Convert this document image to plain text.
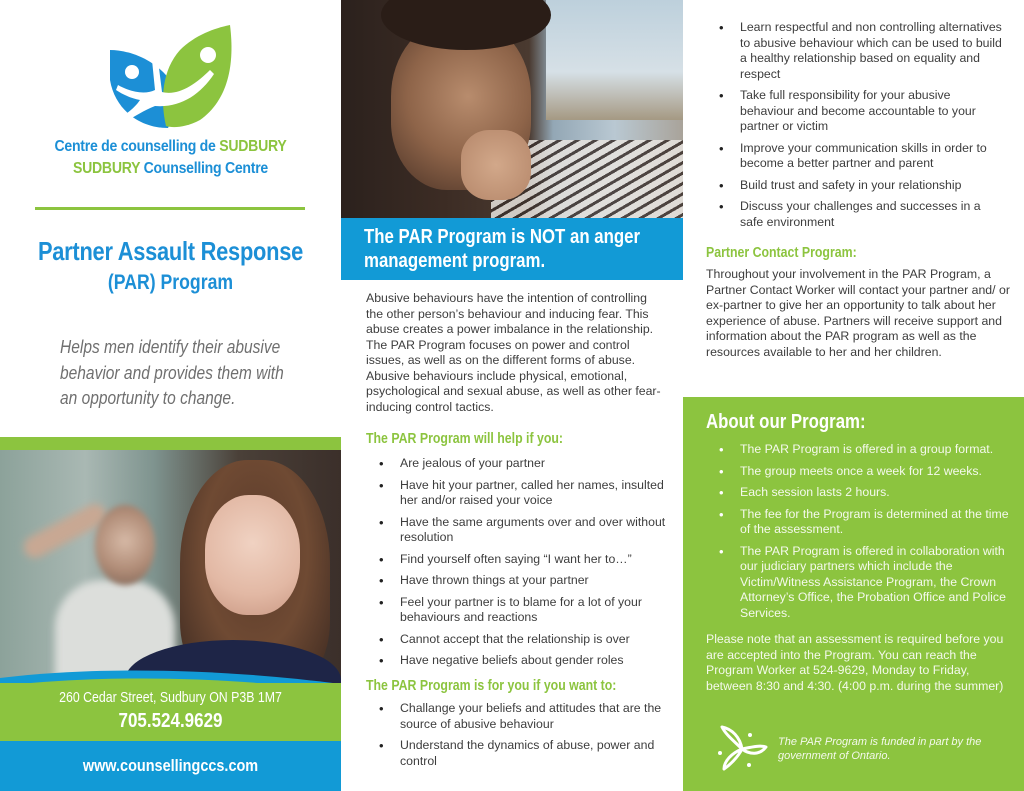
Centre de counselling de SUDBURY
SUDBURY Counselling Centre
Partner Assault Response
(PAR) Program
Helps men identify their abusive
behavior and provides them with
an opportunity to change.
260 Cedar Street, Sudbury ON P3B 1M7
705.524.9629
www.counsellingccs.com
The PAR Program is NOT an anger
management program.

Abusive behaviours have the intention of controlling the other person’s behaviour and inducing fear. This abuse creates a power imbalance in the relationship. The PAR Program focuses on power and control issues, as well as on the different forms of abuse. Abusive behaviours include physical, emotional, psychological and sexual abuse, as well as other fear-inducing control tactics.

The PAR Program will help if you:
• Are jealous of your partner
• Have hit your partner, called her names, insulted her and/or raised your voice
• Have the same arguments over and over without resolution
• Find yourself often saying “I want her to…”
• Have thrown things at your partner
• Feel your partner is to blame for a lot of your behaviours and reactions
• Cannot accept that the relationship is over
• Have negative beliefs about gender roles
The PAR Program is for you if you want to:
• Challange your beliefs and attitudes that are the source of abusive behaviour
• Understand the dynamics of abuse, power and control
• Learn respectful and non controlling alternatives to abusive behaviour which can be used to build a healthy relationship based on equality and respect
• Take full responsibility for your abusive behaviour and become accountable to your partner or victim
• Improve your communication skills in order to become a better partner and parent
• Build trust and safety in your relationship
• Discuss your challenges and successes in a safe environment
Partner Contact Program:

Throughout your involvement in the PAR Program, a Partner Contact Worker will contact your partner and/ or ex-partner to give her an opportunity to talk about her experience of abuse. Partners will receive support and information about the PAR program as well as the resources available to her and her children.

About our Program:
• The PAR Program is offered in a group format.
• The group meets once a week for 12 weeks.
• Each session lasts 2 hours.
• The fee for the Program is determined at the time of the assessment.
• The PAR Program is offered in collaboration with our judiciary partners which include the Victim/Witness Assistance Program, the Crown Attorney’s Office, the Probation Office and Police Services.

Please note that an assessment is required before you are accepted into the Program. You can reach the Program Worker at 524-9629, Monday to Friday, between 8:30 and 4:30. (4:00 p.m. during the summer)

The PAR Program is funded in part by the government of Ontario.
